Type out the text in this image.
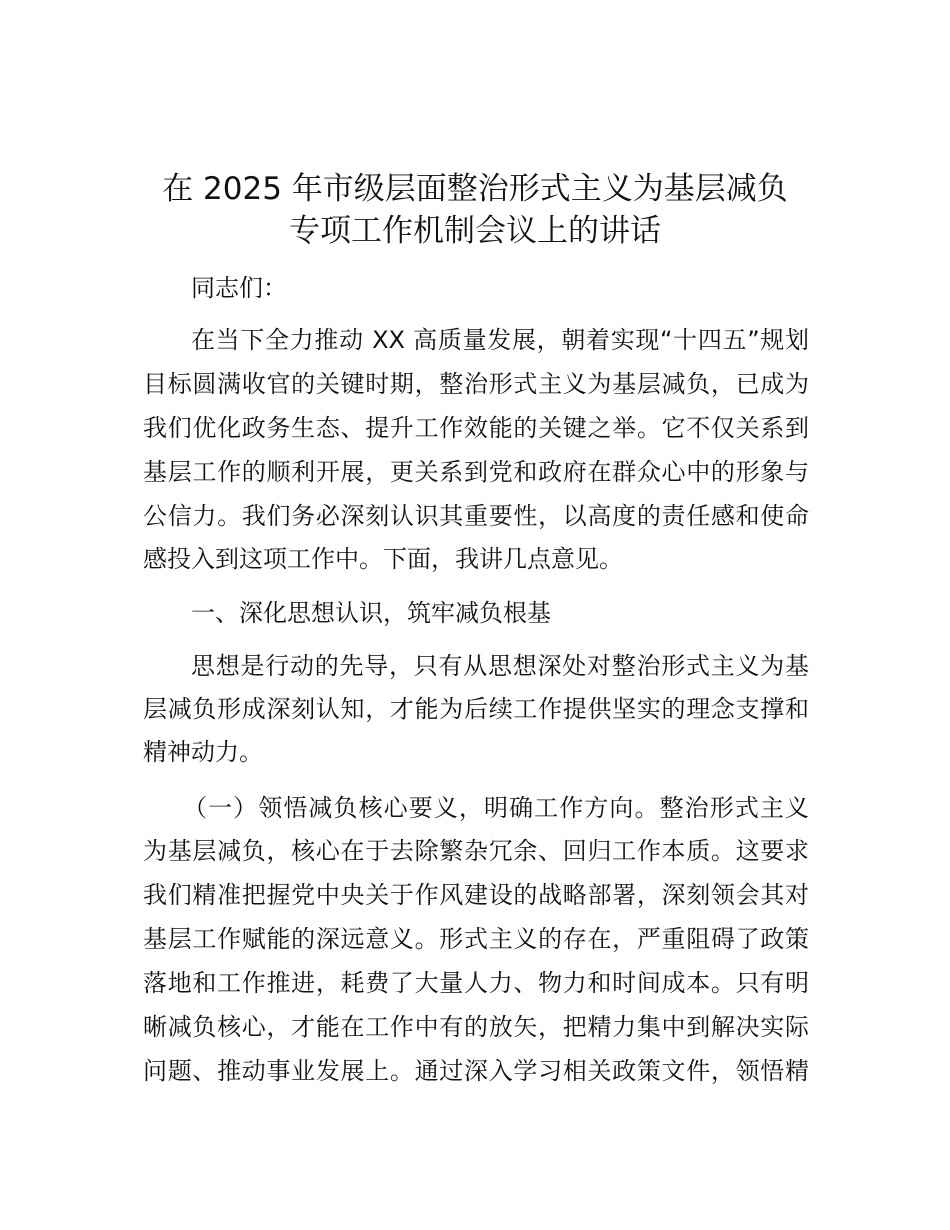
在 2025 年市级层面整治形式主义为基层减负
专项工作机制会议上的讲话

同志们：

在当下全力推动 XX 高质量发展，朝着实现“十四五”规划

目标圆满收官的关键时期，整治形式主义为基层减负，已成为

我们优化政务生态、提升工作效能的关键之举。它不仅关系到

基层工作的顺利开展，更关系到党和政府在群众心中的形象与

公信力。我们务必深刻认识其重要性，以高度的责任感和使命

感投入到这项工作中。下面，我讲几点意见。

一、深化思想认识，筑牢减负根基

思想是行动的先导，只有从思想深处对整治形式主义为基

层减负形成深刻认知，才能为后续工作提供坚实的理念支撑和

精神动力。

（一）领悟减负核心要义，明确工作方向。整治形式主义

为基层减负，核心在于去除繁杂冗余、回归工作本质。这要求

我们精准把握党中央关于作风建设的战略部署，深刻领会其对

基层工作赋能的深远意义。形式主义的存在，严重阻碍了政策

落地和工作推进，耗费了大量人力、物力和时间成本。只有明

晰减负核心，才能在工作中有的放矢，把精力集中到解决实际

问题、推动事业发展上。通过深入学习相关政策文件，领悟精
